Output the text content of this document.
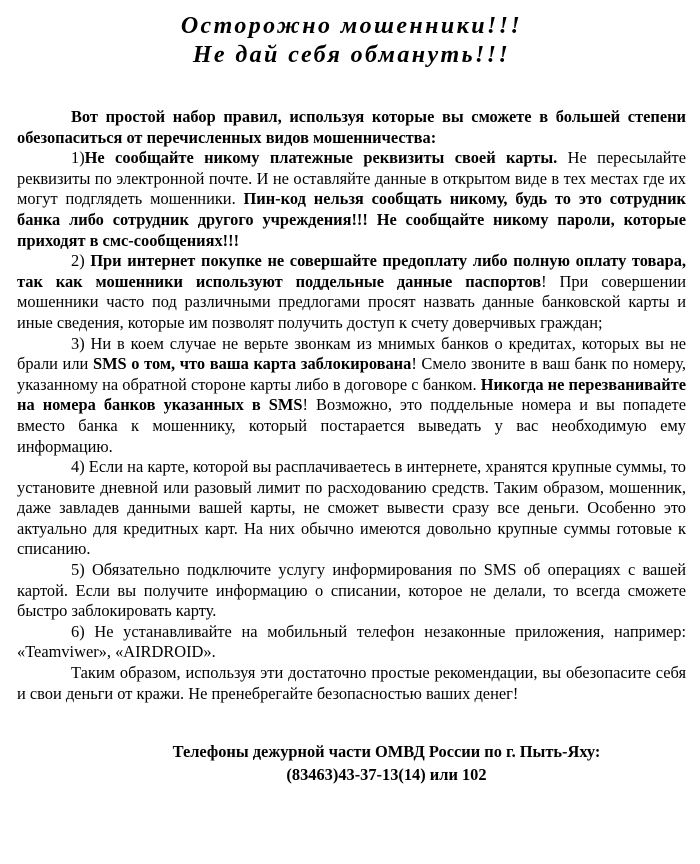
Осторожно мошенники!!!
Не дай себя обмануть!!!

Вот простой набор правил, используя которые вы сможете в большей степени обезопаситься от перечисленных видов мошенничества:

1)Не сообщайте никому платежные реквизиты своей карты. Не пересылайте реквизиты по электронной почте. И не оставляйте данные в открытом виде в тех местах где их могут подглядеть мошенники. Пин-код нельзя сообщать никому, будь то это сотрудник банка либо сотрудник другого учреждения!!! Не сообщайте никому пароли, которые приходят в смс-сообщениях!!!

2) При интернет покупке не совершайте предоплату либо полную оплату товара, так как мошенники используют поддельные данные паспортов! При совершении мошенники часто под различными предлогами просят назвать данные банковской карты и иные сведения, которые им позволят получить доступ к счету доверчивых граждан;

3) Ни в коем случае не верьте звонкам из мнимых банков о кредитах, которых вы не брали или SMS о том, что ваша карта заблокирована! Смело звоните в ваш банк по номеру, указанному на обратной стороне карты либо в договоре с банком. Никогда не перезванивайте на номера банков указанных в SMS! Возможно, это поддельные номера и вы попадете вместо банка к мошеннику, который постарается выведать у вас необходимую ему информацию.

4) Если на карте, которой вы расплачиваетесь в интернете, хранятся крупные суммы, то установите дневной или разовый лимит по расходованию средств. Таким образом, мошенник, даже завладев данными вашей карты, не сможет вывести сразу все деньги. Особенно это актуально для кредитных карт. На них обычно имеются довольно крупные суммы готовые к списанию.

5) Обязательно подключите услугу информирования по SMS об операциях с вашей картой. Если вы получите информацию о списании, которое не делали, то всегда сможете быстро заблокировать карту.

6) Не устанавливайте на мобильный телефон незаконные приложения, например: «Teamviwer», «AIRDROID».

Таким образом, используя эти достаточно простые рекомендации, вы обезопасите себя и свои деньги от кражи. Не пренебрегайте безопасностью ваших денег!

Телефоны дежурной части ОМВД России по г. Пыть-Яху:
(83463)43-37-13(14) или 102
